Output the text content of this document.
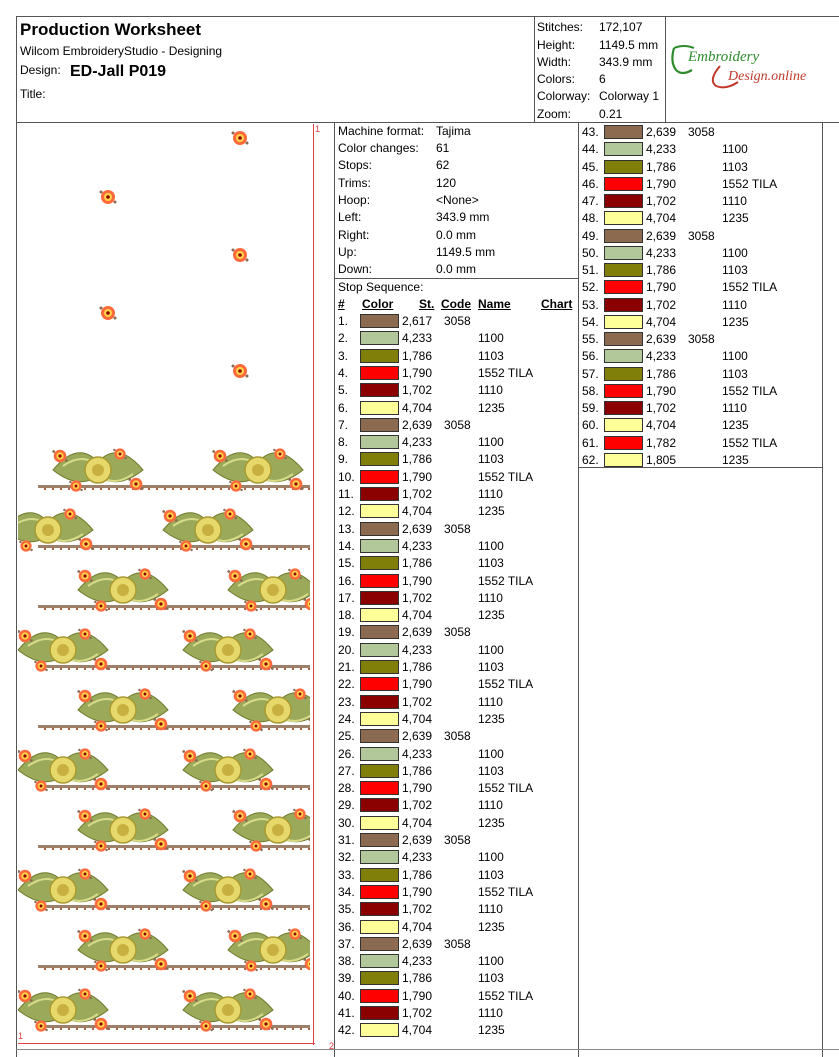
Production Worksheet
Wilcom EmbroideryStudio - Designing
Design: ED-Jall P019
Title:
Stitches: 172,107
Height: 1149.5 mm
Width: 343.9 mm
Colors: 6
Colorway: Colorway 1
Zoom: 0.21
Embroidery
Design.online
1
1
2
Machine format: Tajima
Color changes: 61
Stops:	62
Trims:	120
Hoop:	<None>
Left:	343.9 mm
Right:	0.0 mm
Up:	1149.5 mm
Down:	0.0 mm
Stop Sequence:
# Color St. Code Name	Chart
1.	2,617 3058
2.	4,233	1100
3.	1,786	1103
4.	1,790	1552 TILA
5.	1,702	1110
6.	4,704	1235
7.	2,639 3058
8.	4,233	1100
9.	1,786	1103
10.	1,790	1552 TILA
11.	1,702	1110
12.	4,704	1235
13.	2,639 3058
14.	4,233	1100
15.	1,786	1103
16.	1,790	1552 TILA
17.	1,702	1110
18.	4,704	1235
19.	2,639 3058
20.	4,233	1100
21.	1,786	1103
22.	1,790	1552 TILA
23.	1,702	1110
24.	4,704	1235
25.	2,639 3058
26.	4,233	1100
27.	1,786	1103
28.	1,790	1552 TILA
29.	1,702	1110
30.	4,704	1235
31.	2,639 3058
32.	4,233	1100
33.	1,786	1103
34.	1,790	1552 TILA
35.	1,702	1110
36.	4,704	1235
37.	2,639 3058
38.	4,233	1100
39.	1,786	1103
40.	1,790	1552 TILA
41.	1,702	1110
42.	4,704	1235
43.	2,639 3058
44.	4,233	1100
45.	1,786	1103
46.	1,790	1552 TILA
47.	1,702	1110
48.	4,704	1235
49.	2,639 3058
50.	4,233	1100
51.	1,786	1103
52.	1,790	1552 TILA
53.	1,702	1110
54.	4,704	1235
55.	2,639 3058
56.	4,233	1100
57.	1,786	1103
58.	1,790	1552 TILA
59.	1,702	1110
60.	4,704	1235
61.	1,782	1552 TILA
62.	1,805	1235
